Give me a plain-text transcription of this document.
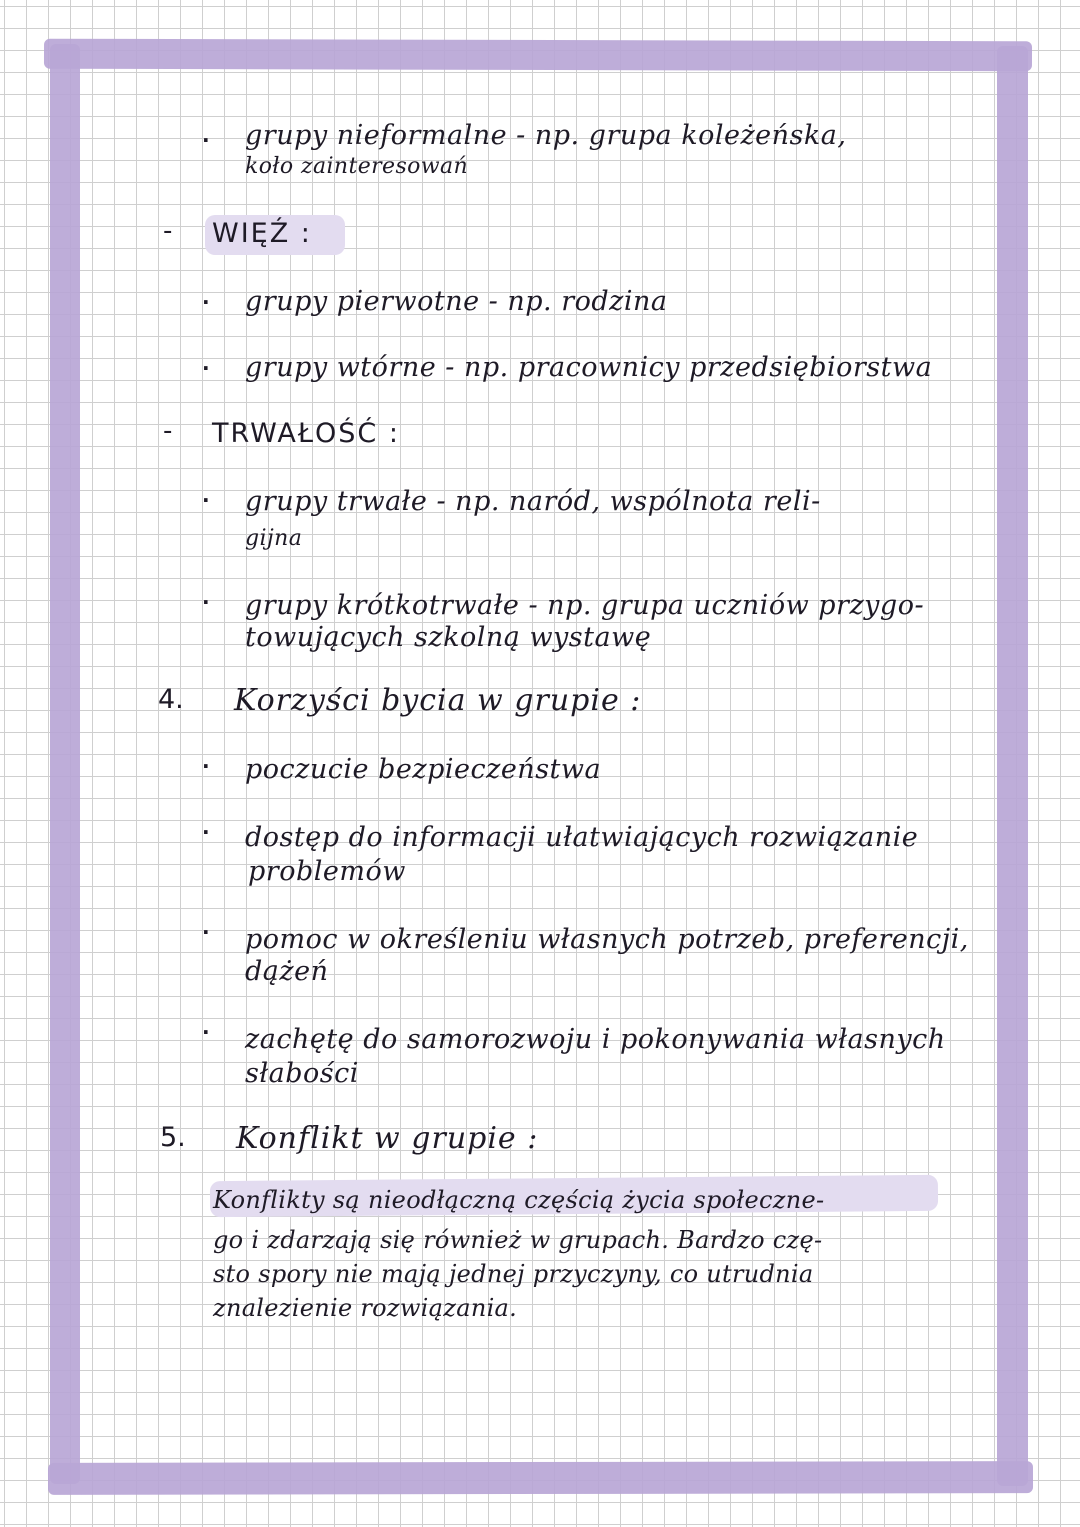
· grupy nieformalne - np. grupa koleżeńska,
koło zainteresowań
- WIĘŹ :
· grupy pierwotne - np. rodzina
· grupy wtórne - np. pracownicy przedsiębiorstwa
- TRWAŁOŚĆ :
· grupy trwałe - np. naród, wspólnota reli-
gijna
· grupy krótkotrwałe - np. grupa uczniów przygo-
towujących szkolną wystawę
4. Korzyści bycia w grupie :
· poczucie bezpieczeństwa
· dostęp do informacji ułatwiających rozwiązanie
problemów
· pomoc w określeniu własnych potrzeb, preferencji,
dążeń
· zachętę do samorozwoju i pokonywania własnych
słabości
5. Konflikt w grupie :
Konflikty są nieodłączną częścią życia społeczne-
go i zdarzają się również w grupach. Bardzo czę-
sto spory nie mają jednej przyczyny, co utrudnia
znalezienie rozwiązania.
